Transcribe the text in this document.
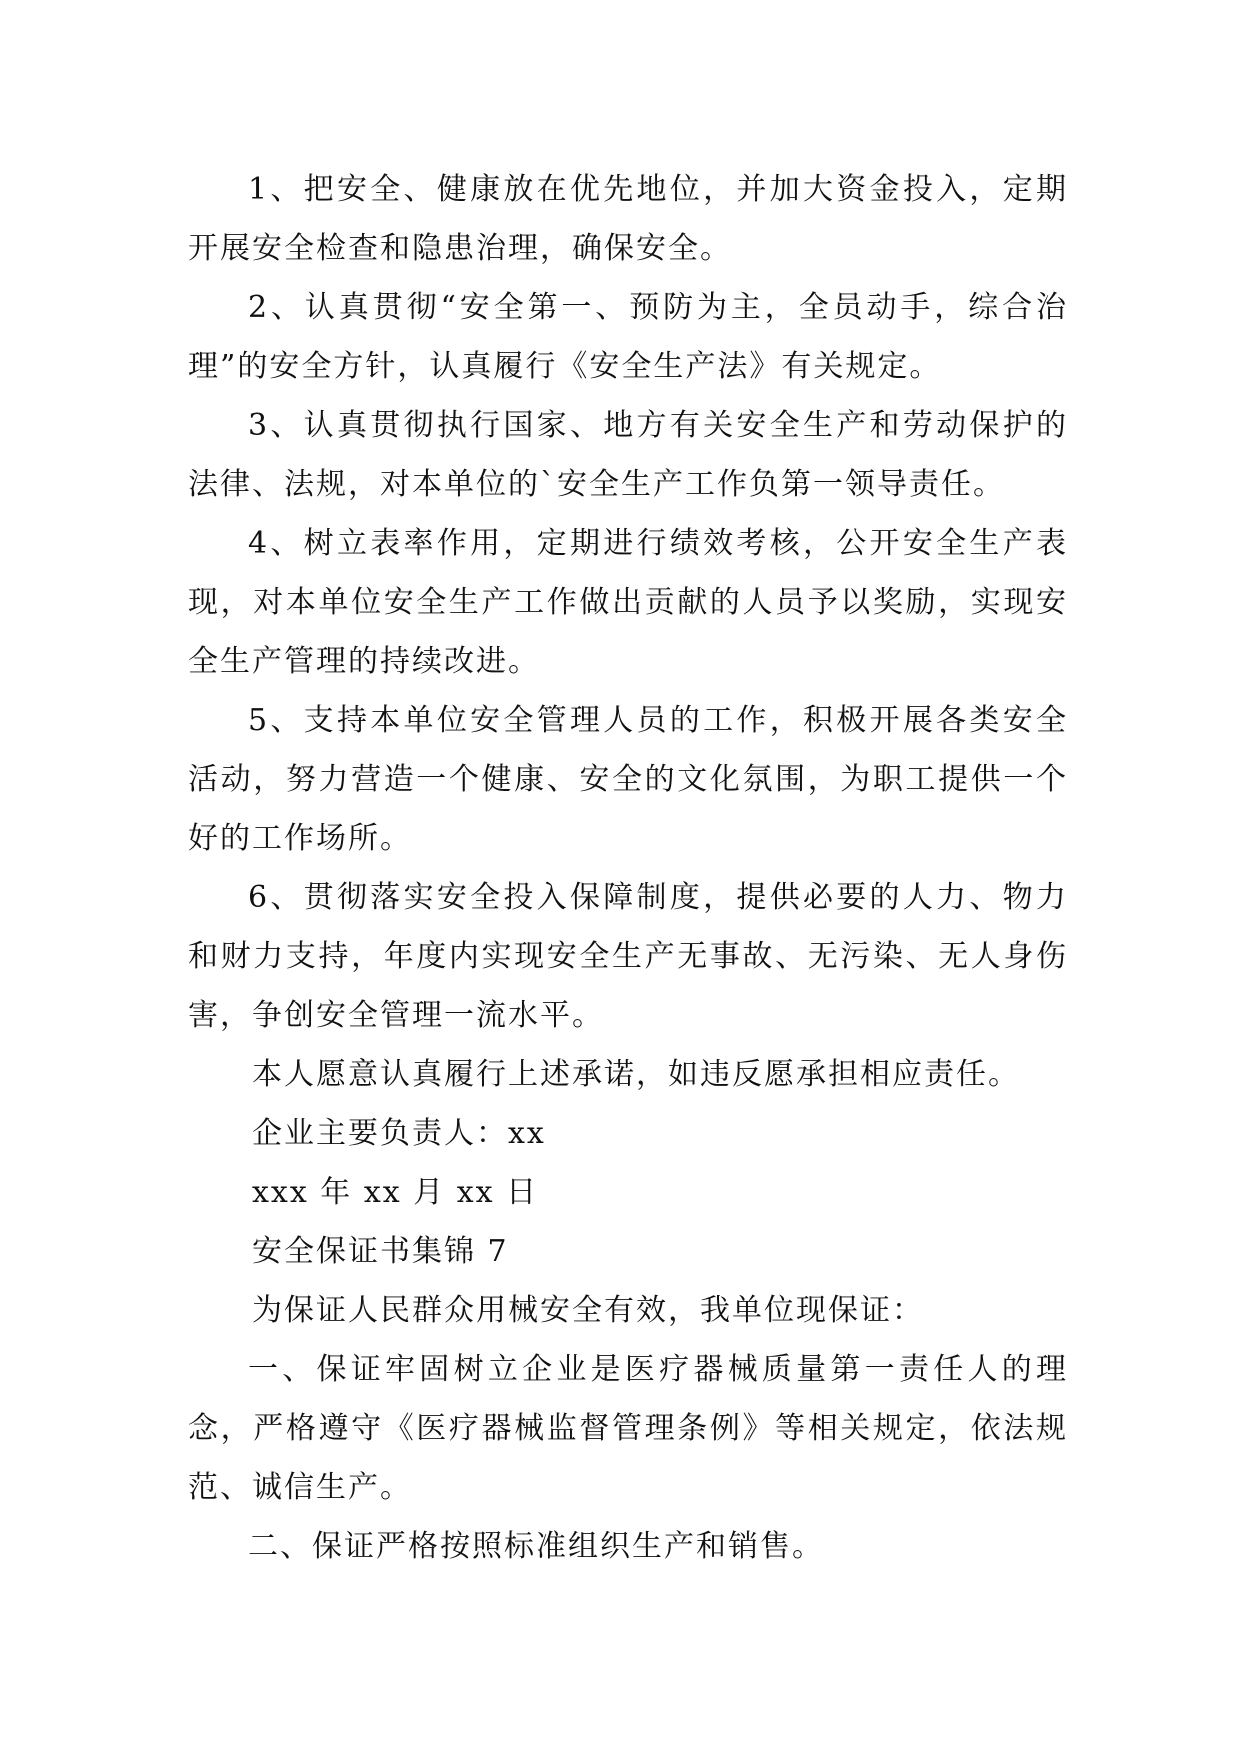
1、把安全、健康放在优先地位，并加大资金投入，定期开展安全检查和隐患治理，确保安全。

2、认真贯彻“安全第一、预防为主，全员动手，综合治理”的安全方针，认真履行《安全生产法》有关规定。

3、认真贯彻执行国家、地方有关安全生产和劳动保护的法律、法规，对本单位的`安全生产工作负第一领导责任。

4、树立表率作用，定期进行绩效考核，公开安全生产表现，对本单位安全生产工作做出贡献的人员予以奖励，实现安全生产管理的持续改进。

5、支持本单位安全管理人员的工作，积极开展各类安全活动，努力营造一个健康、安全的文化氛围，为职工提供一个好的工作场所。

6、贯彻落实安全投入保障制度，提供必要的人力、物力和财力支持，年度内实现安全生产无事故、无污染、无人身伤害，争创安全管理一流水平。

本人愿意认真履行上述承诺，如违反愿承担相应责任。

企业主要负责人：xx

xxx 年 xx 月 xx 日

安全保证书集锦 7

为保证人民群众用械安全有效，我单位现保证：

一、保证牢固树立企业是医疗器械质量第一责任人的理念，严格遵守《医疗器械监督管理条例》等相关规定，依法规范、诚信生产。

二、保证严格按照标准组织生产和销售。
